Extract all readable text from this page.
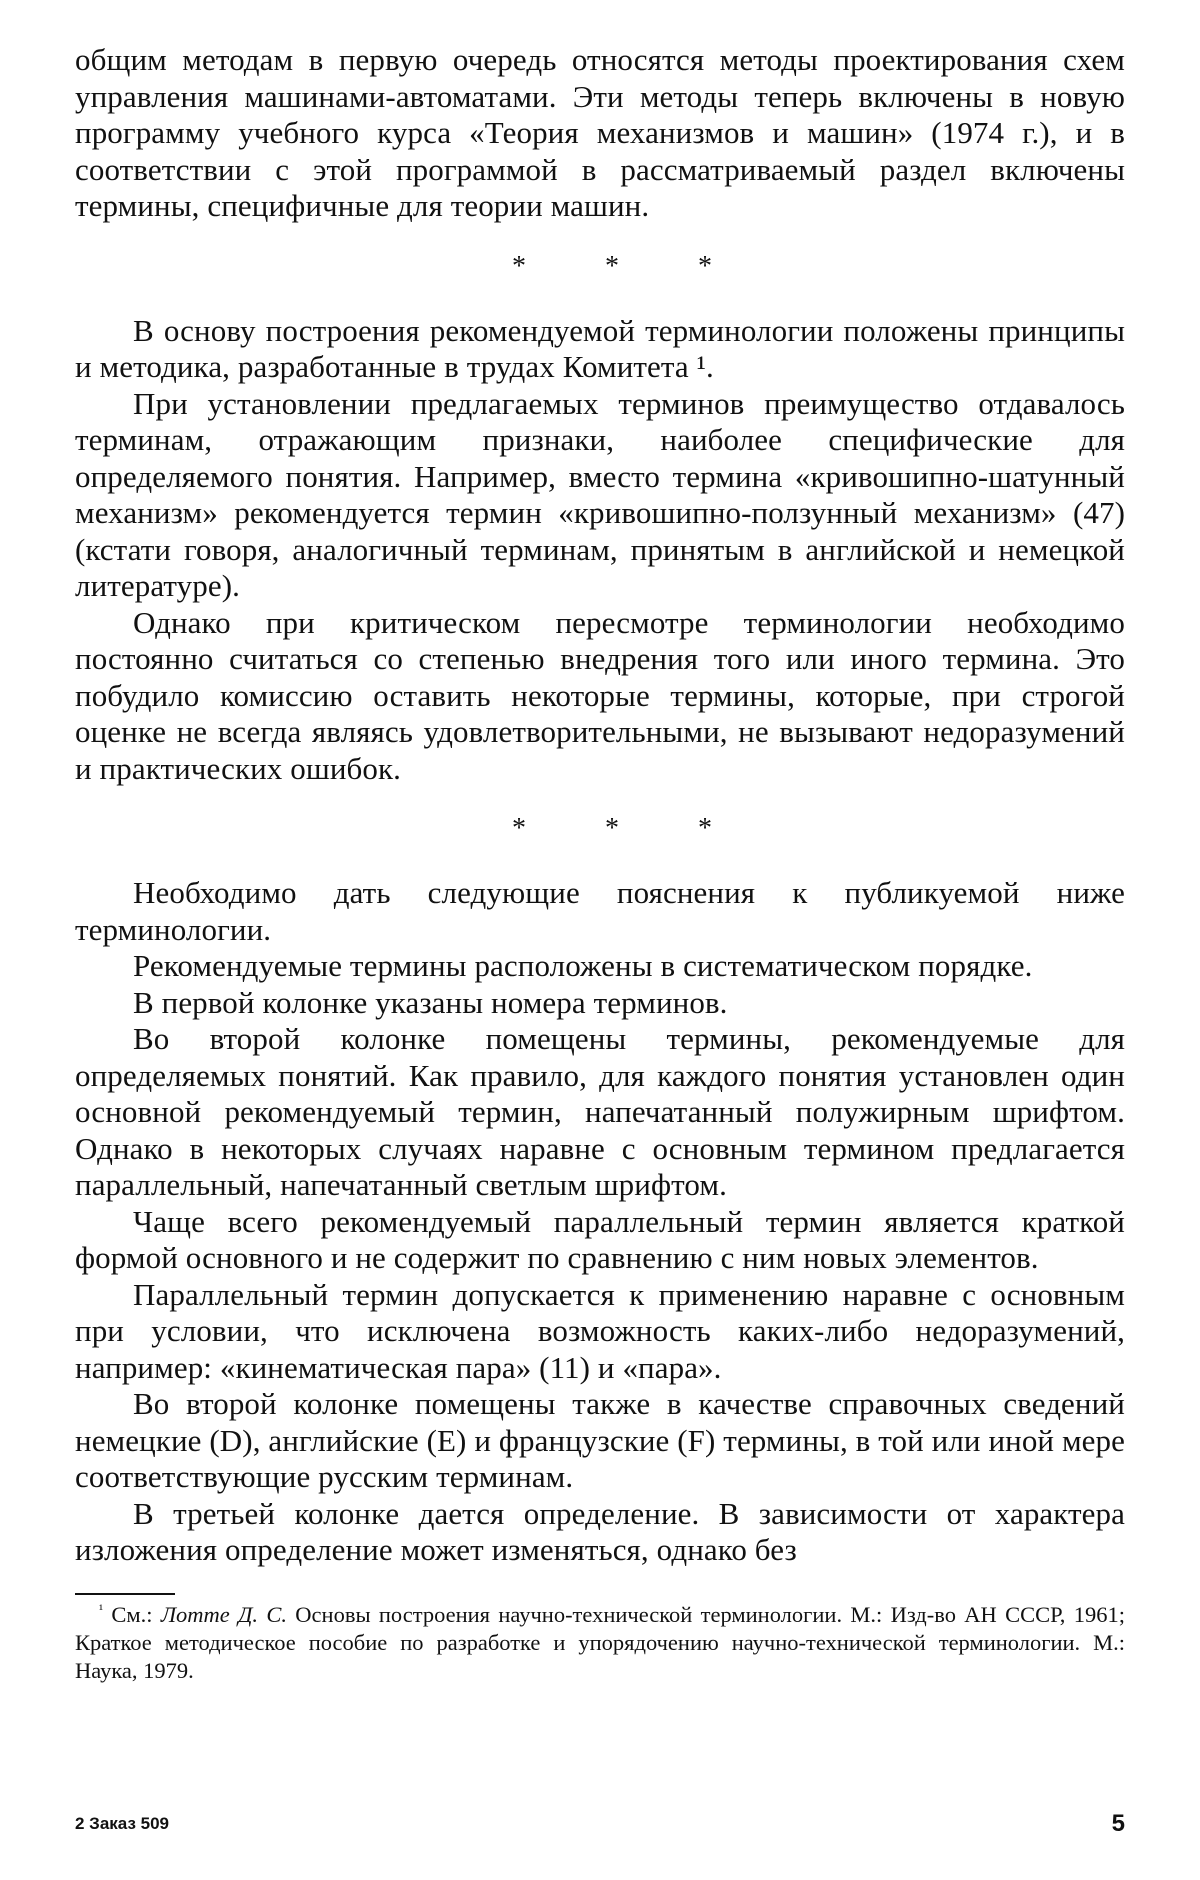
общим методам в первую очередь относятся методы проектирования схем управления машинами-автоматами. Эти методы теперь включены в новую программу учебного курса «Теория механизмов и машин» (1974 г.), и в соответствии с этой программой в рассматриваемый раздел включены термины, специфичные для теории машин.

* * *

В основу построения рекомендуемой терминологии положены принципы и методика, разработанные в трудах Комитета ¹.

При установлении предлагаемых терминов преимущество отдавалось терминам, отражающим признаки, наиболее специфические для определяемого понятия. Например, вместо термина «кривошипно-шатунный механизм» рекомендуется термин «кривошипно-ползунный механизм» (47) (кстати говоря, аналогичный терминам, принятым в английской и немецкой литературе).

Однако при критическом пересмотре терминологии необходимо постоянно считаться со степенью внедрения того или иного термина. Это побудило комиссию оставить некоторые термины, которые, при строгой оценке не всегда являясь удовлетворительными, не вызывают недоразумений и практических ошибок.

* * *

Необходимо дать следующие пояснения к публикуемой ниже терминологии.

Рекомендуемые термины расположены в систематическом порядке.

В первой колонке указаны номера терминов.

Во второй колонке помещены термины, рекомендуемые для определяемых понятий. Как правило, для каждого понятия установлен один основной рекомендуемый термин, напечатанный полужирным шрифтом. Однако в некоторых случаях наравне с основным термином предлагается параллельный, напечатанный светлым шрифтом.

Чаще всего рекомендуемый параллельный термин является краткой формой основного и не содержит по сравнению с ним новых элементов.

Параллельный термин допускается к применению наравне с основным при условии, что исключена возможность каких-либо недоразумений, например: «кинематическая пара» (11) и «пара».

Во второй колонке помещены также в качестве справочных сведений немецкие (D), английские (E) и французские (F) термины, в той или иной мере соответствующие русским терминам.

В третьей колонке дается определение. В зависимости от характера изложения определение может изменяться, однако без

$^{^1}$ См.: Лотте Д. С. Основы построения научно-технической терминологии. М.: Изд-во АН СССР, 1961; Краткое методическое пособие по разработке и упорядочению научно-технической терминологии. М.: Наука, 1979.

2 Заказ 509	5
